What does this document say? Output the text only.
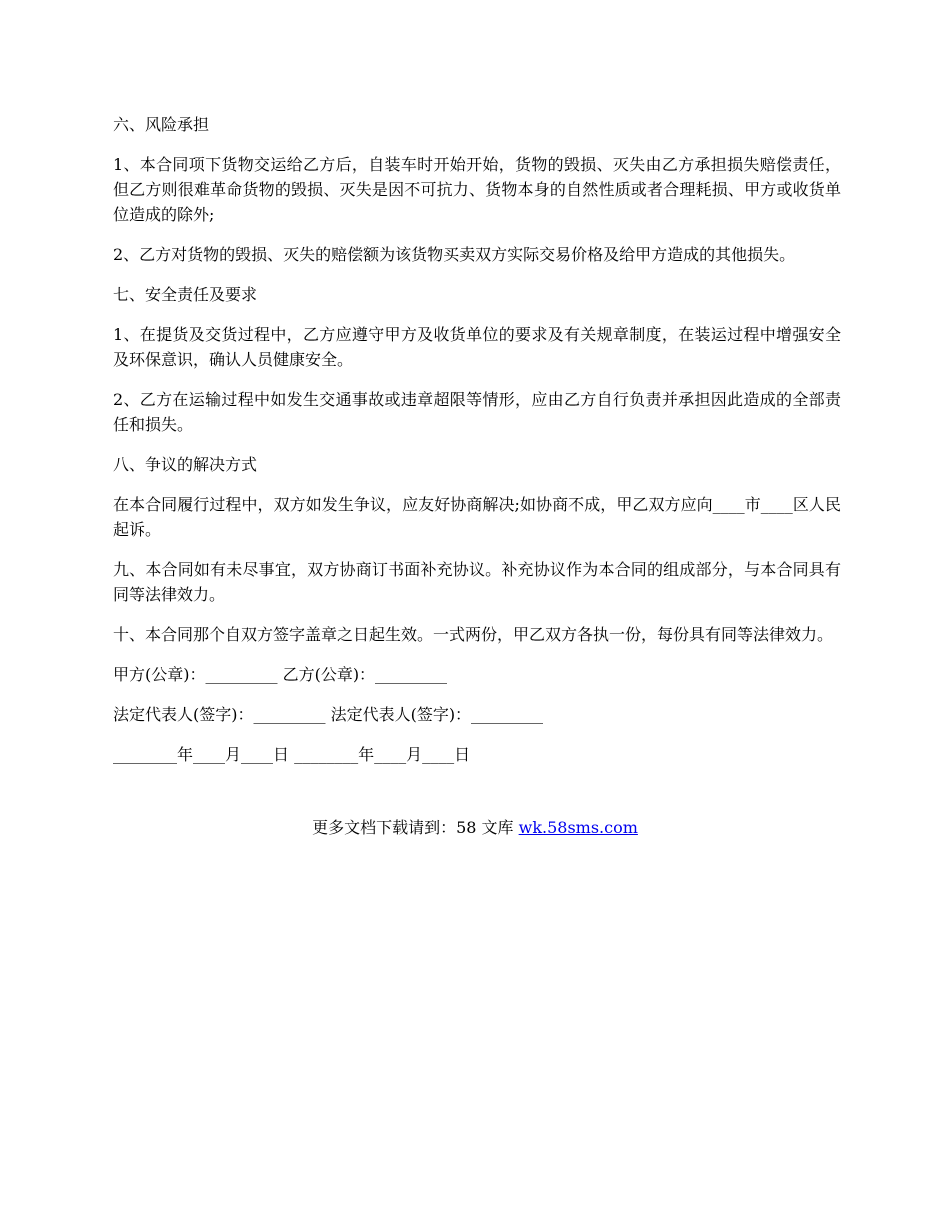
六、风险承担

1、本合同项下货物交运给乙方后，自装车时开始开始，货物的毁损、灭失由乙方承担损失赔偿责任，但乙方则很难革命货物的毁损、灭失是因不可抗力、货物本身的自然性质或者合理耗损、甲方或收货单位造成的除外;

2、乙方对货物的毁损、灭失的赔偿额为该货物买卖双方实际交易价格及给甲方造成的其他损失。

七、安全责任及要求

1、在提货及交货过程中，乙方应遵守甲方及收货单位的要求及有关规章制度，在装运过程中增强安全及环保意识，确认人员健康安全。

2、乙方在运输过程中如发生交通事故或违章超限等情形，应由乙方自行负责并承担因此造成的全部责任和损失。

八、争议的解决方式

在本合同履行过程中，双方如发生争议，应友好协商解决;如协商不成，甲乙双方应向____市____区人民起诉。

九、本合同如有未尽事宜，双方协商订书面补充协议。补充协议作为本合同的组成部分，与本合同具有同等法律效力。

十、本合同那个自双方签字盖章之日起生效。一式两份，甲乙双方各执一份，每份具有同等法律效力。

甲方(公章)：_________ 乙方(公章)：_________

法定代表人(签字)：_________ 法定代表人(签字)：_________

________年____月____日 ________年____月____日

更多文档下载请到：58 文库 wk.58sms.com
